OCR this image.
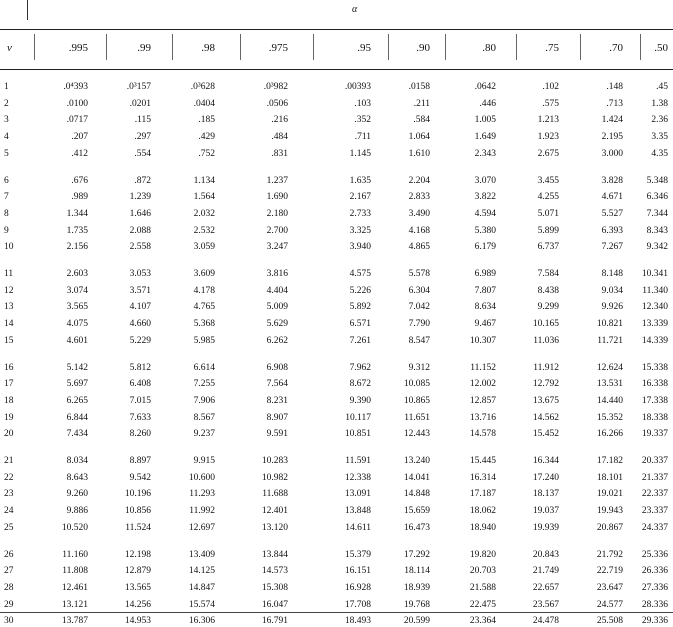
α
ν	.995	.99	.98	.975	.95	.90	.80	.75	.70	.50
1	.0⁴393	.0³157	.0³628	.0³982	.00393	.0158	.0642	.102	.148	.45
2	.0100	.0201	.0404	.0506	.103	.211	.446	.575	.713	1.38
3	.0717	.115	.185	.216	.352	.584	1.005	1.213	1.424	2.36
4	.207	.297	.429	.484	.711	1.064	1.649	1.923	2.195	3.35
5	.412	.554	.752	.831	1.145	1.610	2.343	2.675	3.000	4.35
6	.676	.872	1.134	1.237	1.635	2.204	3.070	3.455	3.828	5.348
7	.989	1.239	1.564	1.690	2.167	2.833	3.822	4.255	4.671	6.346
8	1.344	1.646	2.032	2.180	2.733	3.490	4.594	5.071	5.527	7.344
9	1.735	2.088	2.532	2.700	3.325	4.168	5.380	5.899	6.393	8.343
10	2.156	2.558	3.059	3.247	3.940	4.865	6.179	6.737	7.267	9.342
11	2.603	3.053	3.609	3.816	4.575	5.578	6.989	7.584	8.148	10.341
12	3.074	3.571	4.178	4.404	5.226	6.304	7.807	8.438	9.034	11.340
13	3.565	4.107	4.765	5.009	5.892	7.042	8.634	9.299	9.926	12.340
14	4.075	4.660	5.368	5.629	6.571	7.790	9.467	10.165	10.821	13.339
15	4.601	5.229	5.985	6.262	7.261	8.547	10.307	11.036	11.721	14.339
16	5.142	5.812	6.614	6.908	7.962	9.312	11.152	11.912	12.624	15.338
17	5.697	6.408	7.255	7.564	8.672	10.085	12.002	12.792	13.531	16.338
18	6.265	7.015	7.906	8.231	9.390	10.865	12.857	13.675	14.440	17.338
19	6.844	7.633	8.567	8.907	10.117	11.651	13.716	14.562	15.352	18.338
20	7.434	8.260	9.237	9.591	10.851	12.443	14.578	15.452	16.266	19.337
21	8.034	8.897	9.915	10.283	11.591	13.240	15.445	16.344	17.182	20.337
22	8.643	9.542	10.600	10.982	12.338	14.041	16.314	17.240	18.101	21.337
23	9.260	10.196	11.293	11.688	13.091	14.848	17.187	18.137	19.021	22.337
24	9.886	10.856	11.992	12.401	13.848	15.659	18.062	19.037	19.943	23.337
25	10.520	11.524	12.697	13.120	14.611	16.473	18.940	19.939	20.867	24.337
26	11.160	12.198	13.409	13.844	15.379	17.292	19.820	20.843	21.792	25.336
27	11.808	12.879	14.125	14.573	16.151	18.114	20.703	21.749	22.719	26.336
28	12.461	13.565	14.847	15.308	16.928	18.939	21.588	22.657	23.647	27.336
29	13.121	14.256	15.574	16.047	17.708	19.768	22.475	23.567	24.577	28.336
30	13.787	14.953	16.306	16.791	18.493	20.599	23.364	24.478	25.508	29.336
